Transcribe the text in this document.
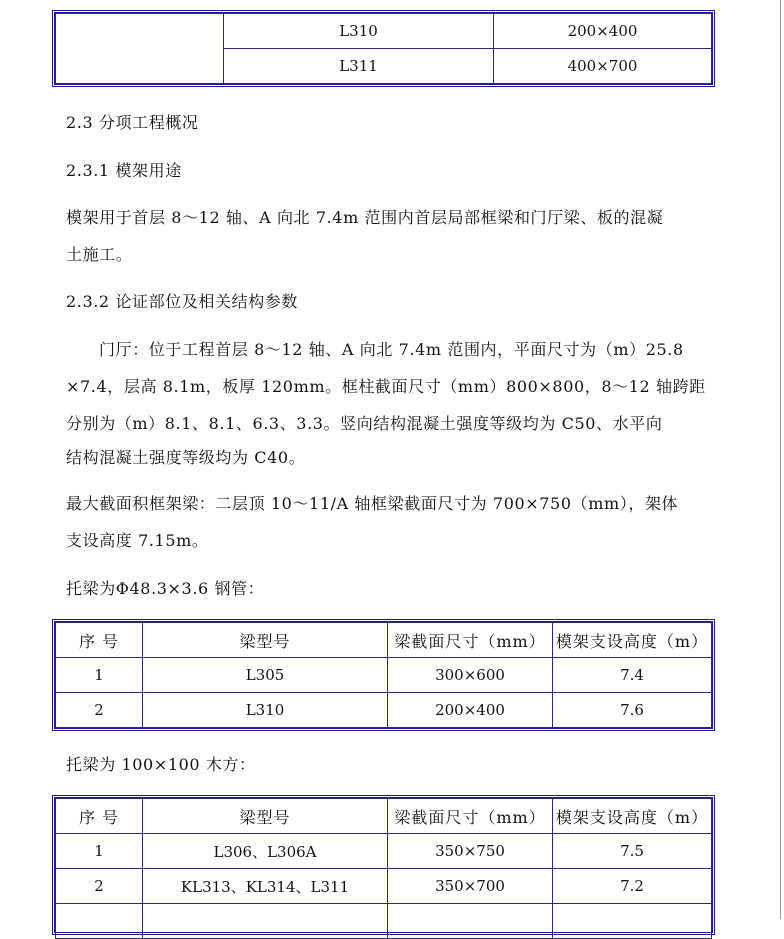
	L310	200×400
	L311	400×700
2.3 分项工程概况
2.3.1 模架用途
模架用于首层 8～12 轴、A 向北 7.4m 范围内首层局部框梁和门厅梁、板的混凝
土施工。
2.3.2 论证部位及相关结构参数
门厅：位于工程首层 8～12 轴、A 向北 7.4m 范围内，平面尺寸为（m）25.8
×7.4，层高 8.1m，板厚 120mm。框柱截面尺寸（mm）800×800，8～12 轴跨距
分别为（m）8.1、8.1、6.3、3.3。竖向结构混凝土强度等级均为 C50、水平向
结构混凝土强度等级均为 C40。
最大截面积框架梁：二层顶 10～11/A 轴框梁截面尺寸为 700×750（mm），架体
支设高度 7.15m。
托梁为Φ48.3×3.6 钢管：
序 号	梁型号	梁截面尺寸（mm）	模架支设高度（m）
1	L305	300×600	7.4
2	L310	200×400	7.6
托梁为 100×100 木方：
序 号	梁型号	梁截面尺寸（mm）	模架支设高度（m）
1	L306、L306A	350×750	7.5
2	KL313、KL314、L311	350×700	7.2
